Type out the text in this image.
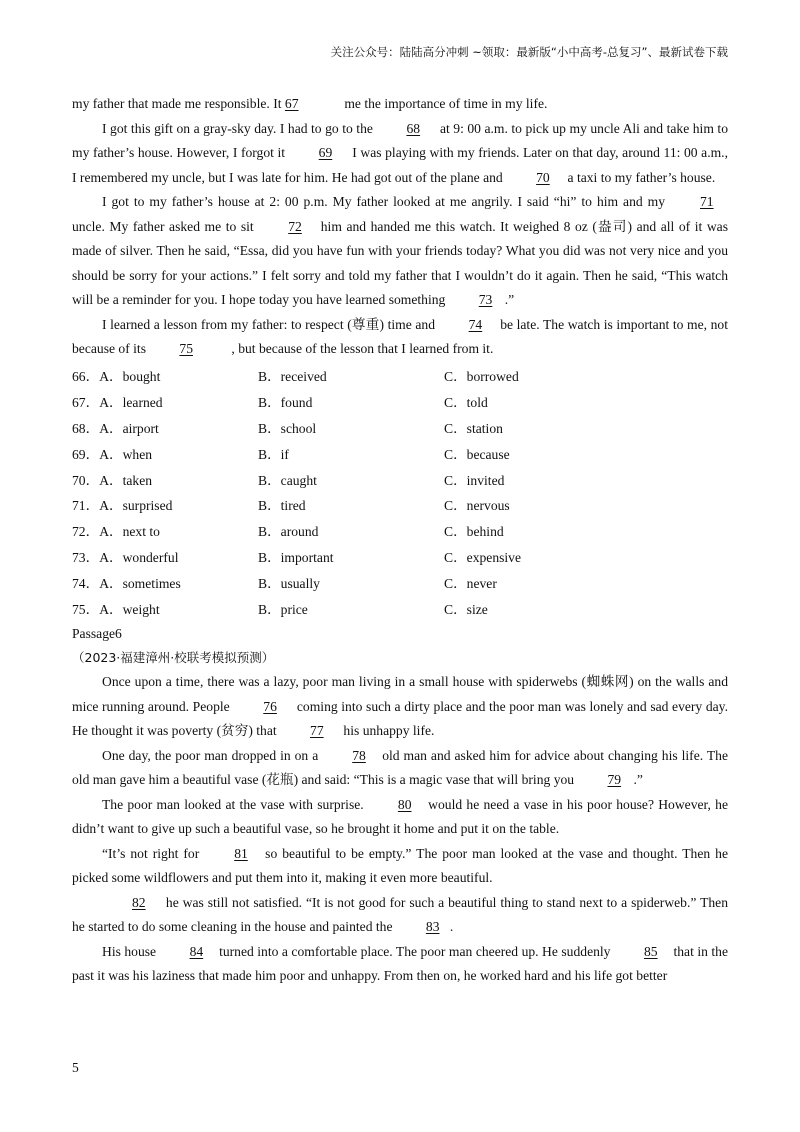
关注公众号：陆陆高分冲刺 ~领取：最新版“小中高考-总复习”、最新试卷下载

my father that made me responsible. It 67	me the importance of time in my life.

I got this gift on a gray-sky day. I had to go to the 68 at 9: 00 a.m. to pick up my uncle Ali and take him to my father’s house. However, I forgot it 69 I was playing with my friends. Later on that day, around 11: 00 a.m., I remembered my uncle, but I was late for him. He had got out of the plane and 70 a taxi to my father’s house.

I got to my father’s house at 2: 00 p.m. My father looked at me angrily. I said “hi” to him and my 71 uncle. My father asked me to sit 72 him and handed me this watch. It weighed 8 oz (盎司) and all of it was made of silver. Then he said, “Essa, did you have fun with your friends today? What you did was not very nice and you should be sorry for your actions.” I felt sorry and told my father that I wouldn’t do it again. Then he said, “This watch will be a reminder for you. I hope today you have learned something 73 .”

I learned a lesson from my father: to respect (尊重) time and 74 be late. The watch is important to me, not because of its 75	, but because of the lesson that I learned from it.

66．A．bought	B．received	C．borrowed
67．A．learned	B．found	C．told
68．A．airport	B．school	C．station
69．A．when	B．if	C．because
70．A．taken	B．caught	C．invited
71．A．surprised	B．tired	C．nervous
72．A．next to	B．around	C．behind
73．A．wonderful	B．important	C．expensive
74．A．sometimes	B．usually	C．never
75．A．weight	B．price	C．size

Passage6

（2023·福建漳州·校联考模拟预测）

Once upon a time, there was a lazy, poor man living in a small house with spiderwebs (蜘蛛网) on the walls and mice running around. People 76 coming into such a dirty place and the poor man was lonely and sad every day. He thought it was poverty (贫穷) that 77 his unhappy life.

One day, the poor man dropped in on a 78 old man and asked him for advice about changing his life. The old man gave him a beautiful vase (花瓶) and said: “This is a magic vase that will bring you 79 .”

The poor man looked at the vase with surprise. 80 would he need a vase in his poor house? However, he didn’t want to give up such a beautiful vase, so he brought it home and put it on the table.

“It’s not right for 81 so beautiful to be empty.” The poor man looked at the vase and thought. Then he picked some wildflowers and put them into it, making it even more beautiful.

82 he was still not satisfied. “It is not good for such a beautiful thing to stand next to a spiderweb.” Then he started to do some cleaning in the house and painted the 83 .

His house 84 turned into a comfortable place. The poor man cheered up. He suddenly 85 that in the past it was his laziness that made him poor and unhappy. From then on, he worked hard and his life got better

5
